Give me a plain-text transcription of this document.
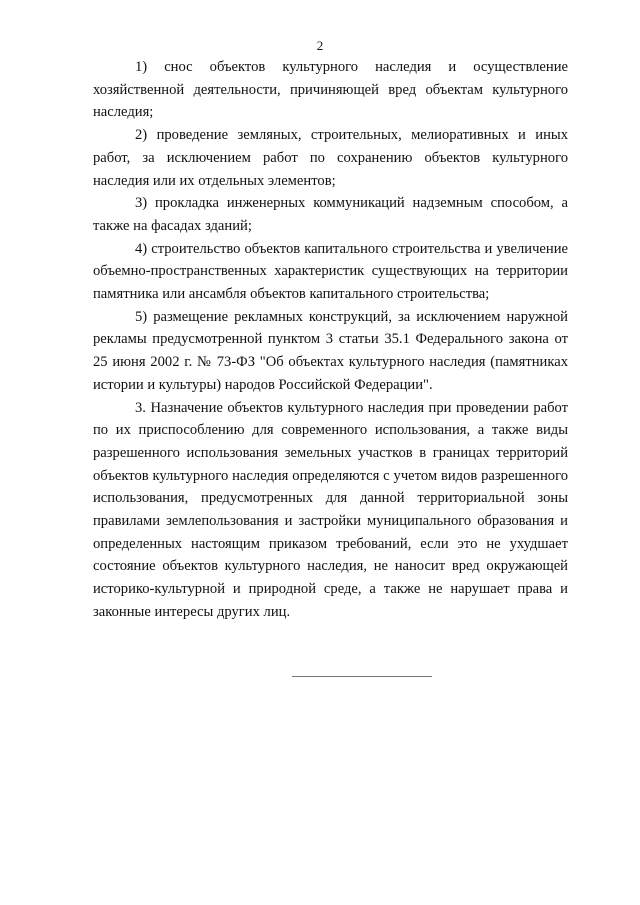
2

1) снос объектов культурного наследия и осуществление хозяйственной деятельности, причиняющей вред объектам культурного наследия;

2) проведение земляных, строительных, мелиоративных и иных работ, за исключением работ по сохранению объектов культурного наследия или их отдельных элементов;

3) прокладка инженерных коммуникаций надземным способом, а также на фасадах зданий;

4) строительство объектов капитального строительства и увеличение объемно-пространственных характеристик существующих на территории памятника или ансамбля объектов капитального строительства;

5) размещение рекламных конструкций, за исключением наружной рекламы предусмотренной пунктом 3 статьи 35.1 Федерального закона от 25 июня 2002 г. № 73-ФЗ "Об объектах культурного наследия (памятниках истории и культуры) народов Российской Федерации".

3. Назначение объектов культурного наследия при проведении работ по их приспособлению для современного использования, а также виды разрешенного использования земельных участков в границах территорий объектов культурного наследия определяются с учетом видов разрешенного использования, предусмотренных для данной территориальной зоны правилами землепользования и застройки муниципального образования и определенных настоящим приказом требований, если это не ухудшает состояние объектов культурного наследия, не наносит вред окружающей историко-культурной и природной среде, а также не нарушает права и законные интересы других лиц.
